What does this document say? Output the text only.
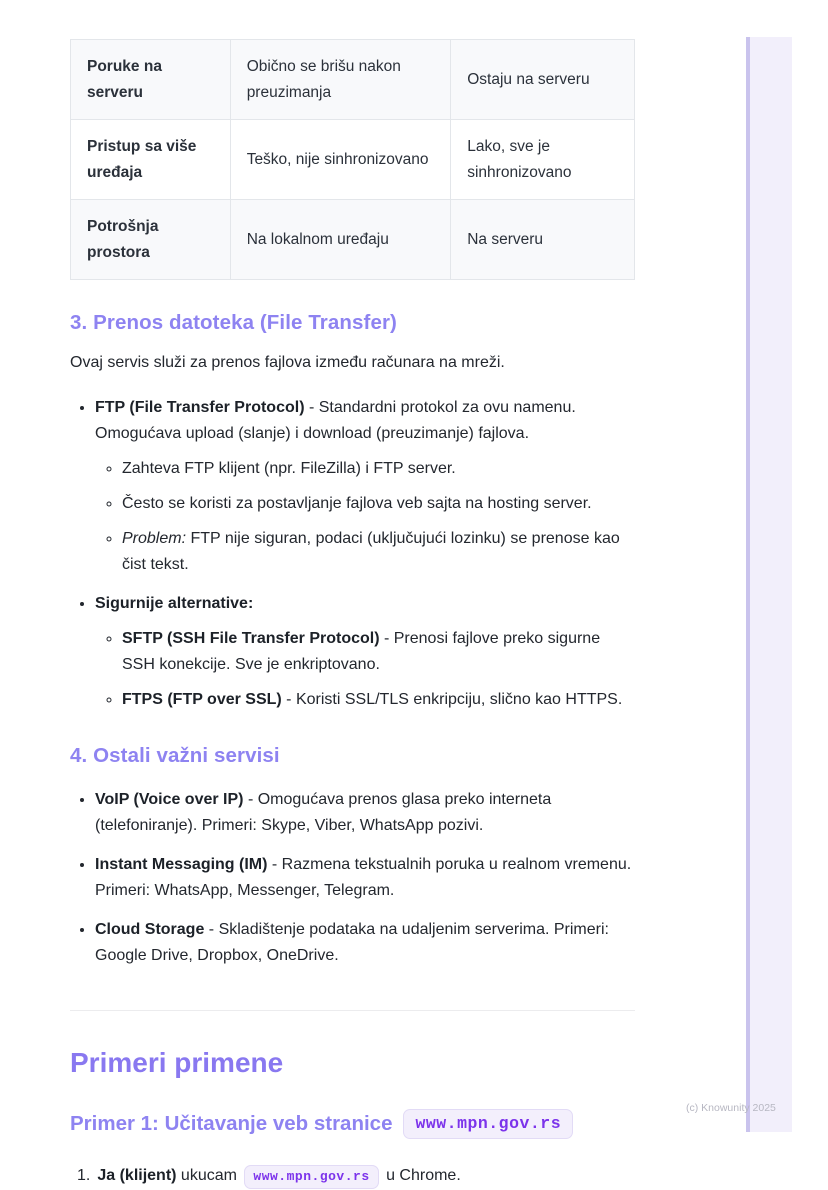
Poruke na serveru	Obično se brišu nakon preuzimanja	Ostaju na serveru
Pristup sa više uređaja	Teško, nije sinhronizovano	Lako, sve je sinhronizovano
Potrošnja prostora	Na lokalnom uređaju	Na serveru
3. Prenos datoteka (File Transfer)

Ovaj servis služi za prenos fajlova između računara na mreži.

• FTP (File Transfer Protocol) - Standardni protokol za ovu namenu. Omogućava upload (slanje) i download (preuzimanje) fajlova.
◦ Zahteva FTP klijent (npr. FileZilla) i FTP server.
◦ Često se koristi za postavljanje fajlova veb sajta na hosting server.
◦ Problem: FTP nije siguran, podaci (uključujući lozinku) se prenose kao čist tekst.
• Sigurnije alternative:
◦ SFTP (SSH File Transfer Protocol) - Prenosi fajlove preko sigurne SSH konekcije. Sve je enkriptovano.
◦ FTPS (FTP over SSL) - Koristi SSL/TLS enkripciju, slično kao HTTPS.
4. Ostali važni servisi
• VoIP (Voice over IP) - Omogućava prenos glasa preko interneta (telefoniranje). Primeri: Skype, Viber, WhatsApp pozivi.
• Instant Messaging (IM) - Razmena tekstualnih poruka u realnom vremenu. Primeri: WhatsApp, Messenger, Telegram.
• Cloud Storage - Skladištenje podataka na udaljenim serverima. Primeri: Google Drive, Dropbox, OneDrive.
Primeri primene
Primer 1: Učitavanje veb stranice	www.mpn.gov.rs
1. Ja (klijent) ukucam www.mpn.gov.rs u Chrome.
(c) Knowunity 2025
